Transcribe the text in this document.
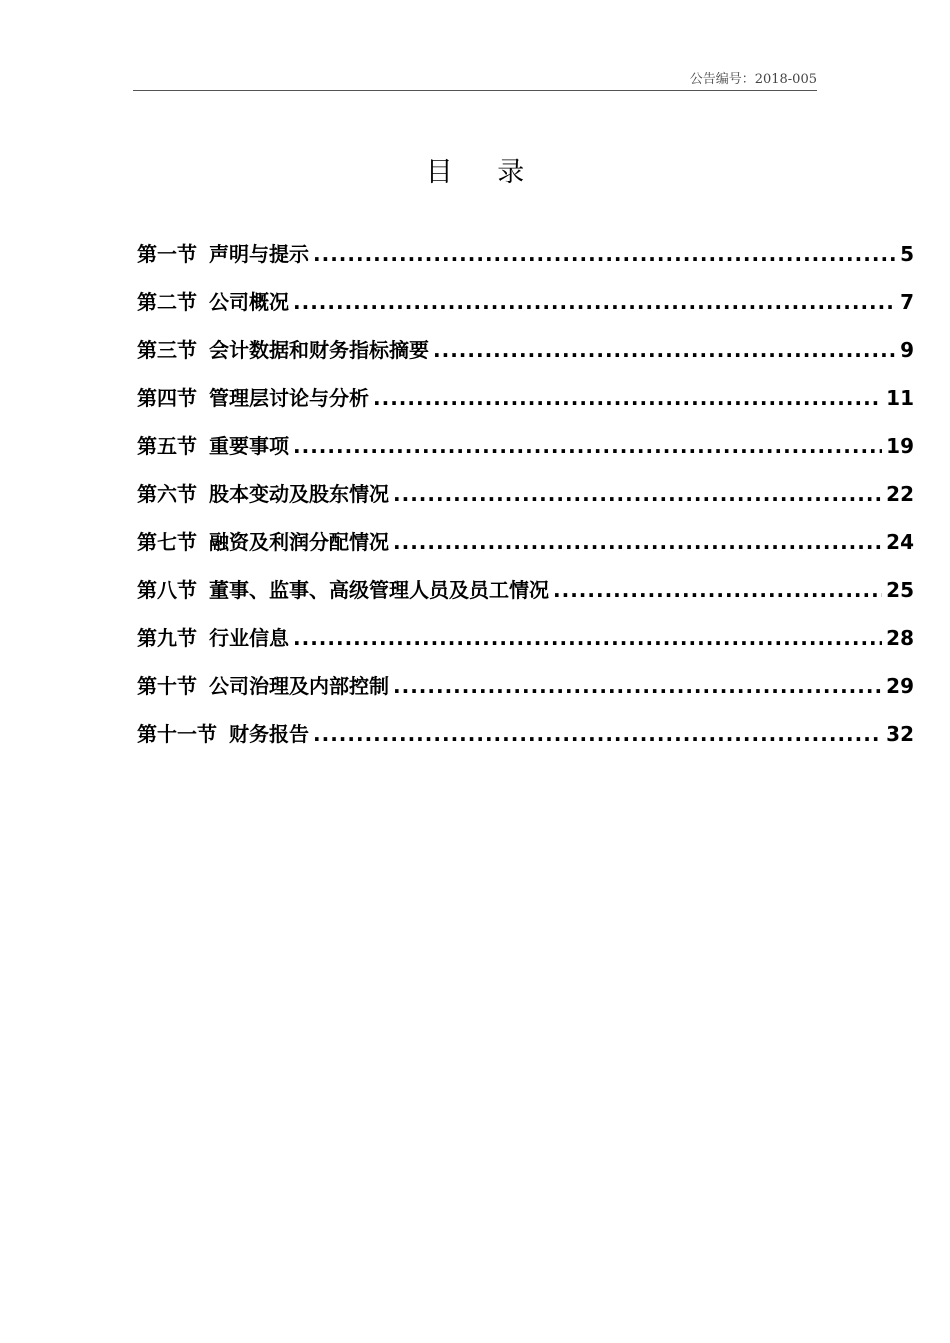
公告编号：2018-005
目 录
第一节 声明与提示 .....	5
第二节 公司概况 .....	7
第三节 会计数据和财务指标摘要 .....	9
第四节 管理层讨论与分析 .....	11
第五节 重要事项 .....	19
第六节 股本变动及股东情况 .....	22
第七节 融资及利润分配情况 .....	24
第八节 董事、监事、高级管理人员及员工情况 .....	25
第九节 行业信息 .....	28
第十节 公司治理及内部控制 .....	29
第十一节 财务报告 .....	32
